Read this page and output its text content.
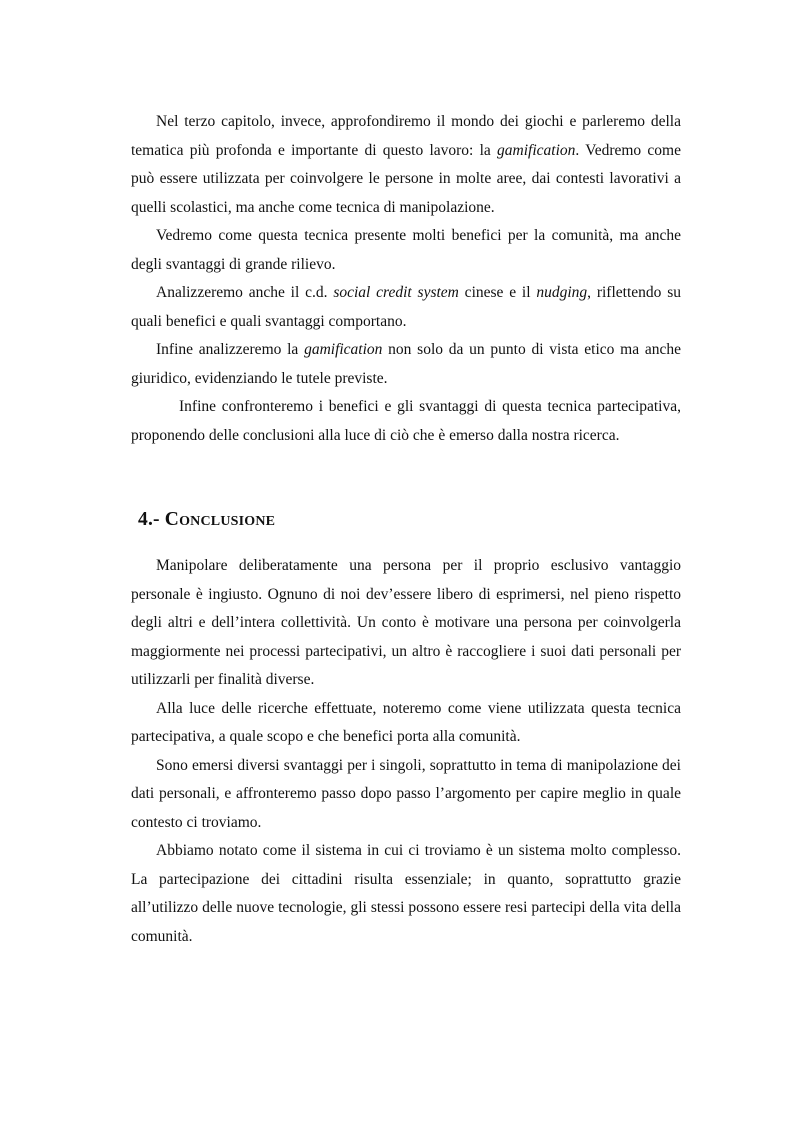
Nel terzo capitolo, invece, approfondiremo il mondo dei giochi e parleremo della tematica più profonda e importante di questo lavoro: la gamification. Vedremo come può essere utilizzata per coinvolgere le persone in molte aree, dai contesti lavorativi a quelli scolastici, ma anche come tecnica di manipolazione.

Vedremo come questa tecnica presente molti benefici per la comunità, ma anche degli svantaggi di grande rilievo.

Analizzeremo anche il c.d. social credit system cinese e il nudging, riflettendo su quali benefici e quali svantaggi comportano.

Infine analizzeremo la gamification non solo da un punto di vista etico ma anche giuridico, evidenziando le tutele previste.

Infine confronteremo i benefici e gli svantaggi di questa tecnica partecipativa, proponendo delle conclusioni alla luce di ciò che è emerso dalla nostra ricerca.

4.- Conclusione

Manipolare deliberatamente una persona per il proprio esclusivo vantaggio personale è ingiusto. Ognuno di noi dev’essere libero di esprimersi, nel pieno rispetto degli altri e dell’intera collettività. Un conto è motivare una persona per coinvolgerla maggiormente nei processi partecipativi, un altro è raccogliere i suoi dati personali per utilizzarli per finalità diverse.

Alla luce delle ricerche effettuate, noteremo come viene utilizzata questa tecnica partecipativa, a quale scopo e che benefici porta alla comunità.

Sono emersi diversi svantaggi per i singoli, soprattutto in tema di manipolazione dei dati personali, e affronteremo passo dopo passo l’argomento per capire meglio in quale contesto ci troviamo.

Abbiamo notato come il sistema in cui ci troviamo è un sistema molto complesso. La partecipazione dei cittadini risulta essenziale; in quanto, soprattutto grazie all’utilizzo delle nuove tecnologie, gli stessi possono essere resi partecipi della vita della comunità.
